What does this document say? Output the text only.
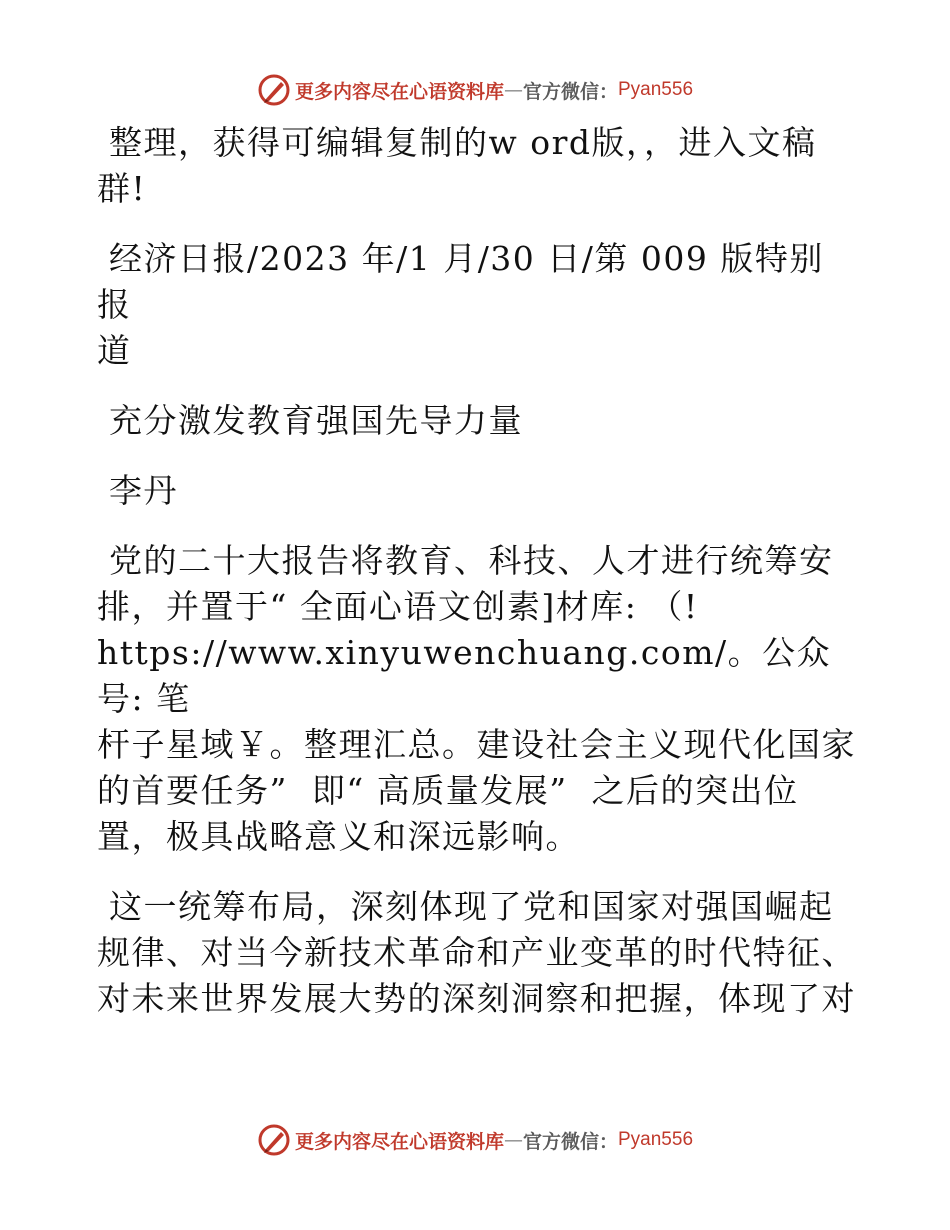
更多内容尽在心语资料库 — 官方微信： Pyan556

整理，获得可编辑复制的w ord版，，进入文稿
群!

经济日报/2023 年/1 月/30 日/第 009 版特别报
道

充分激发教育强国先导力量

李丹

党的二十大报告将教育、科技、人才进行统筹安
排，并置于“ 全面心语文创素]材库: （!
https://www.xinyuwenchuang.com/。公众号: 笔
杆子星域￥。整理汇总。建设社会主义现代化国家
的首要任务”  即“ 高质量发展”  之后的突出位
置，极具战略意义和深远影响。

这一统筹布局，深刻体现了党和国家对强国崛起
规律、对当今新技术革命和产业变革的时代特征、
对未来世界发展大势的深刻洞察和把握，体现了对

更多内容尽在心语资料库 — 官方微信： Pyan556
